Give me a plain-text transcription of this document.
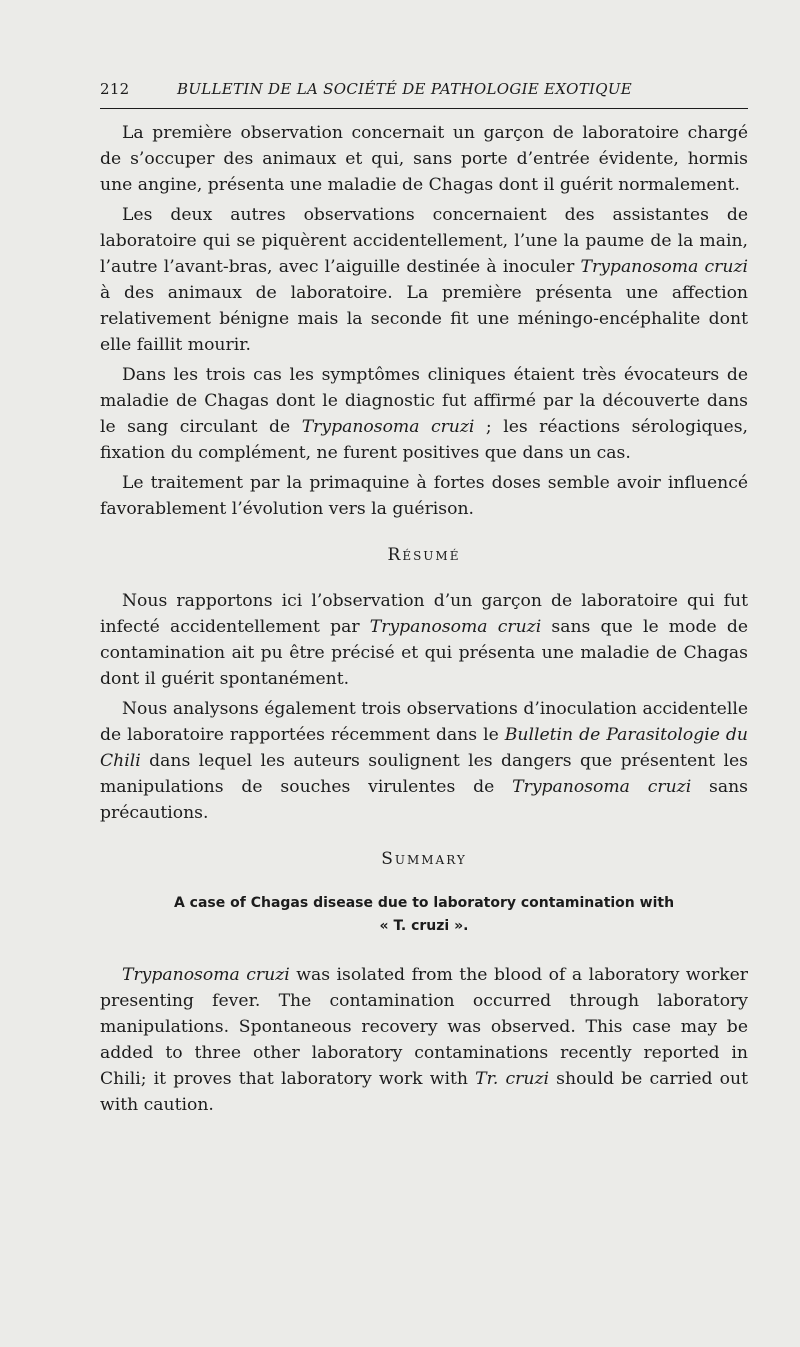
212	BULLETIN DE LA SOCIÉTÉ DE PATHOLOGIE EXOTIQUE

La première observation concernait un garçon de laboratoire chargé de s’occuper des animaux et qui, sans porte d’entrée évidente, hormis une angine, présenta une maladie de Chagas dont il guérit normalement.

Les deux autres observations concernaient des assistantes de laboratoire qui se piquèrent accidentellement, l’une la paume de la main, l’autre l’avant-bras, avec l’aiguille destinée à inoculer Trypanosoma cruzi à des animaux de laboratoire. La première présenta une affection relativement bénigne mais la seconde fit une méningo-encéphalite dont elle faillit mourir.

Dans les trois cas les symptômes cliniques étaient très évocateurs de maladie de Chagas dont le diagnostic fut affirmé par la découverte dans le sang circulant de Trypanosoma cruzi ; les réactions sérologiques, fixation du complément, ne furent positives que dans un cas.

Le traitement par la primaquine à fortes doses semble avoir influencé favorablement l’évolution vers la guérison.

Résumé

Nous rapportons ici l’observation d’un garçon de laboratoire qui fut infecté accidentellement par Trypanosoma cruzi sans que le mode de contamination ait pu être précisé et qui présenta une maladie de Chagas dont il guérit spontanément.

Nous analysons également trois observations d’inoculation accidentelle de laboratoire rapportées récemment dans le Bulletin de Parasitologie du Chili dans lequel les auteurs soulignent les dangers que présentent les manipulations de souches virulentes de Trypanosoma cruzi sans précautions.

Summary
A case of Chagas disease due to laboratory contamination with
« T. cruzi ».

Trypanosoma cruzi was isolated from the blood of a laboratory worker presenting fever. The contamination occurred through laboratory manipulations. Spontaneous recovery was observed. This case may be added to three other laboratory contaminations recently reported in Chili; it proves that laboratory work with Tr. cruzi should be carried out with caution.
